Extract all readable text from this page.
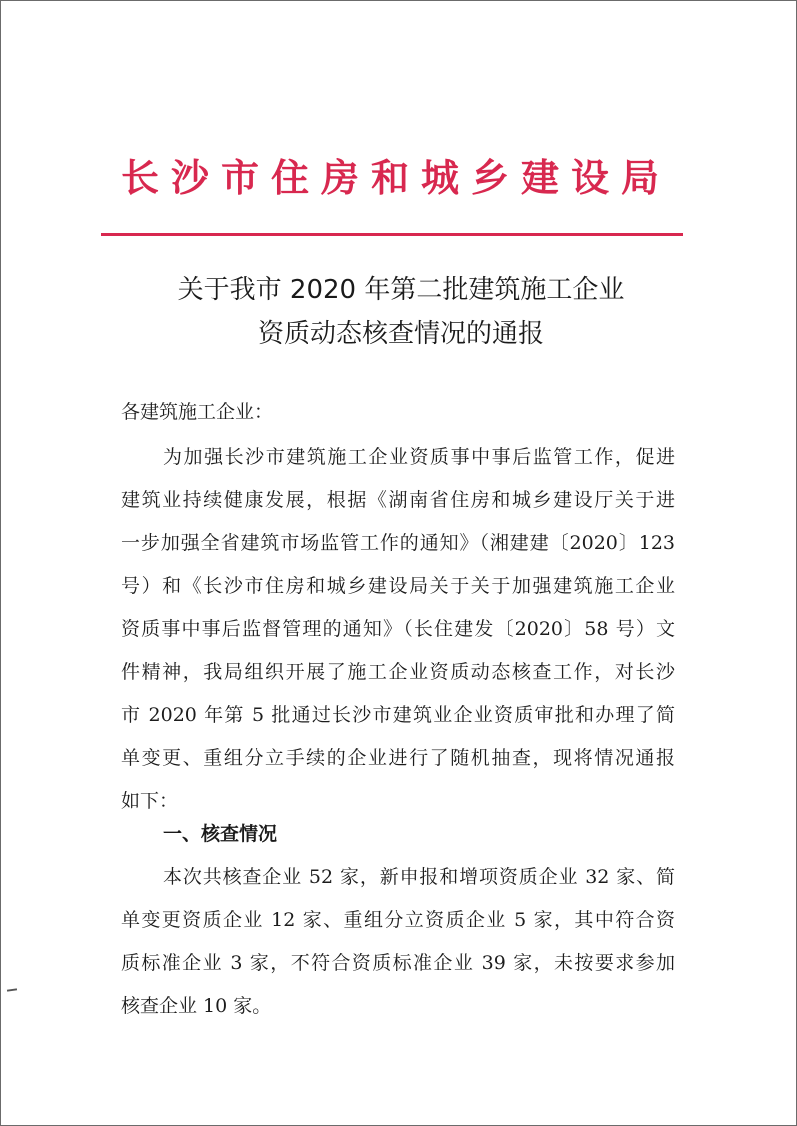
长沙市住房和城乡建设局
关于我市 2020 年第二批建筑施工企业
资质动态核查情况的通报
各建筑施工企业：
为加强长沙市建筑施工企业资质事中事后监管工作，促进
建筑业持续健康发展，根据《湖南省住房和城乡建设厅关于进
一步加强全省建筑市场监管工作的通知》（湘建建〔2020〕123
号）和《长沙市住房和城乡建设局关于关于加强建筑施工企业
资质事中事后监督管理的通知》（长住建发〔2020〕58 号）文
件精神，我局组织开展了施工企业资质动态核查工作，对长沙
市 2020 年第 5 批通过长沙市建筑业企业资质审批和办理了简
单变更、重组分立手续的企业进行了随机抽查，现将情况通报
如下：
一、核查情况
本次共核查企业 52 家，新申报和增项资质企业 32 家、简
单变更资质企业 12 家、重组分立资质企业 5 家，其中符合资
质标准企业 3 家，不符合资质标准企业 39 家，未按要求参加
核查企业 10 家。
